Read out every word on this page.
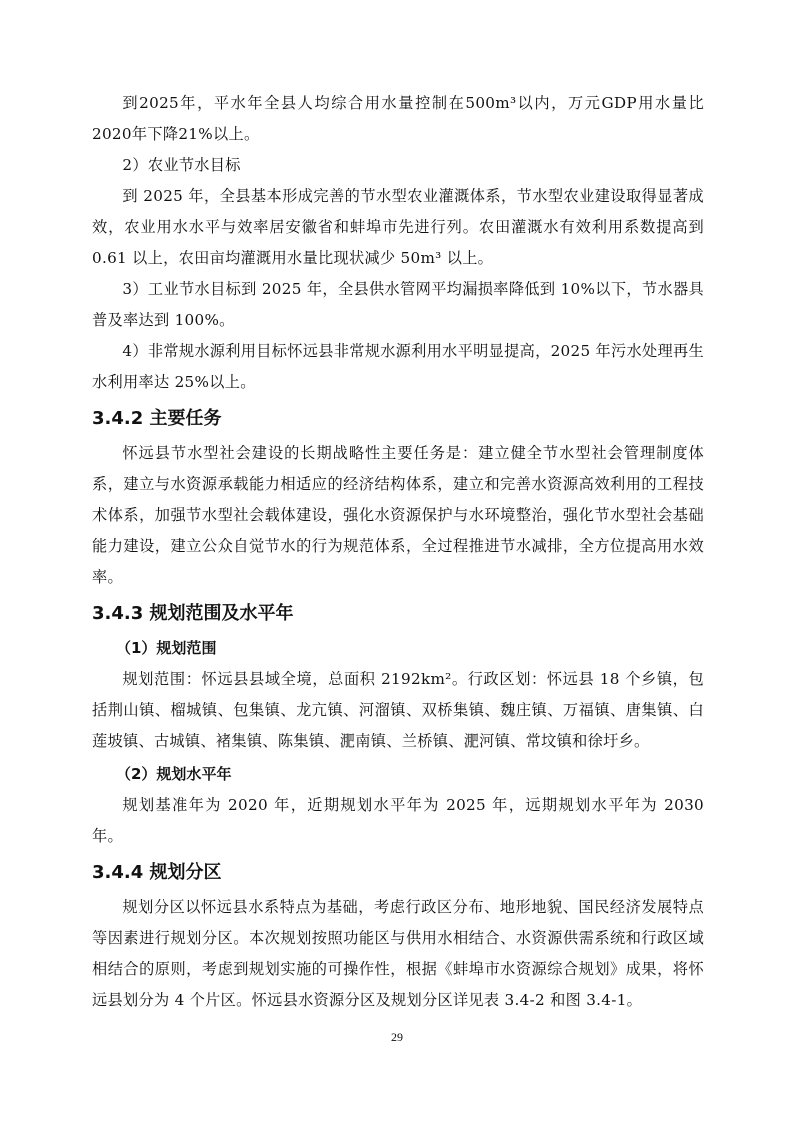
到2025年，平水年全县人均综合用水量控制在500m³以内，万元GDP用水量比2020年下降21%以上。

2）农业节水目标

到 2025 年，全县基本形成完善的节水型农业灌溉体系，节水型农业建设取得显著成效，农业用水水平与效率居安徽省和蚌埠市先进行列。农田灌溉水有效利用系数提高到 0.61 以上，农田亩均灌溉用水量比现状减少 50m³ 以上。

3）工业节水目标到 2025 年，全县供水管网平均漏损率降低到 10%以下，节水器具普及率达到 100%。

4）非常规水源利用目标怀远县非常规水源利用水平明显提高，2025 年污水处理再生水利用率达 25%以上。

3.4.2 主要任务

怀远县节水型社会建设的长期战略性主要任务是：建立健全节水型社会管理制度体系，建立与水资源承载能力相适应的经济结构体系，建立和完善水资源高效利用的工程技术体系，加强节水型社会载体建设，强化水资源保护与水环境整治，强化节水型社会基础能力建设，建立公众自觉节水的行为规范体系，全过程推进节水减排，全方位提高用水效率。

3.4.3 规划范围及水平年
（1）规划范围

规划范围：怀远县县域全境，总面积 2192km²。行政区划：怀远县 18 个乡镇，包括荆山镇、榴城镇、包集镇、龙亢镇、河溜镇、双桥集镇、魏庄镇、万福镇、唐集镇、白莲坡镇、古城镇、褚集镇、陈集镇、淝南镇、兰桥镇、淝河镇、常坟镇和徐圩乡。

（2）规划水平年

规划基准年为 2020 年，近期规划水平年为 2025 年，远期规划水平年为 2030 年。

3.4.4 规划分区

规划分区以怀远县水系特点为基础，考虑行政区分布、地形地貌、国民经济发展特点等因素进行规划分区。本次规划按照功能区与供用水相结合、水资源供需系统和行政区域相结合的原则，考虑到规划实施的可操作性，根据《蚌埠市水资源综合规划》成果，将怀远县划分为 4 个片区。怀远县水资源分区及规划分区详见表 3.4-2 和图 3.4-1。

29
